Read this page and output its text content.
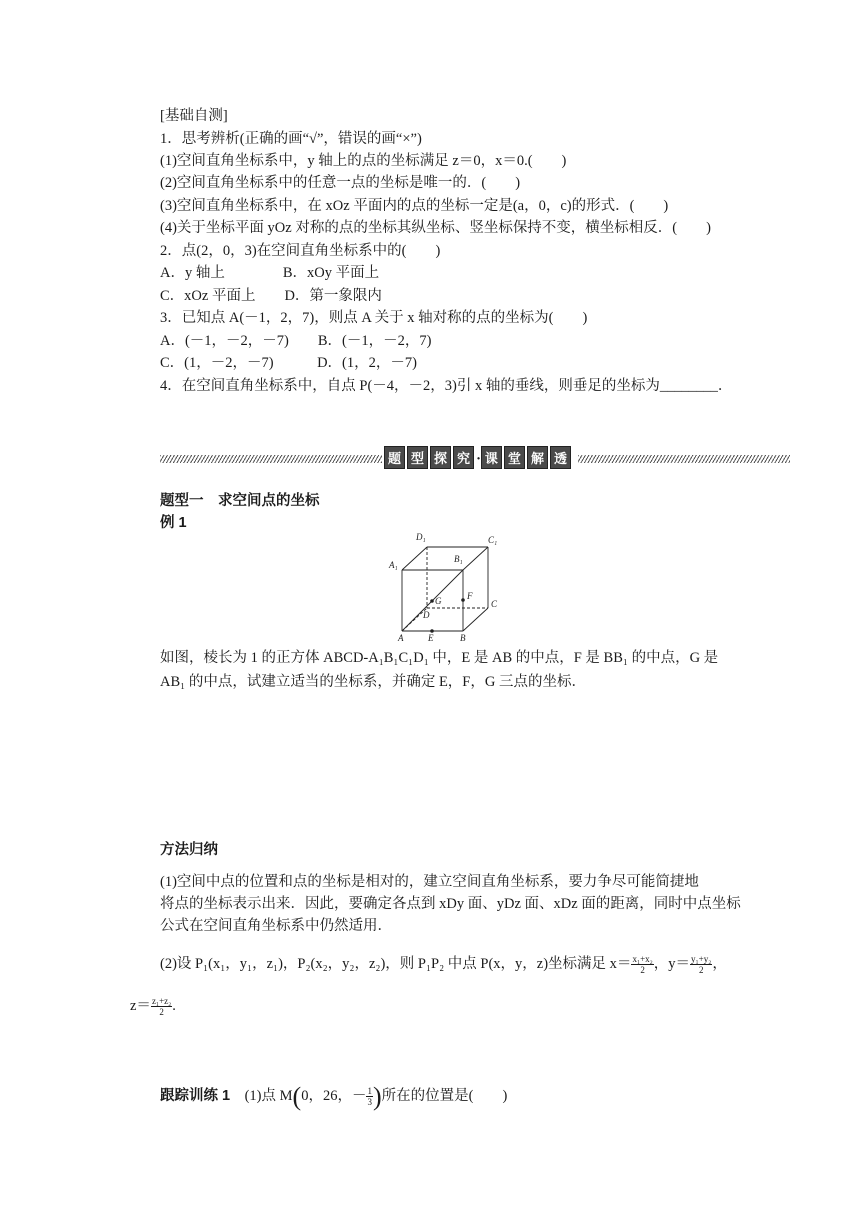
[基础自测]
1．思考辨析(正确的画“√”，错误的画“×”)
(1)空间直角坐标系中，y 轴上的点的坐标满足 z＝0，x＝0.(　　)
(2)空间直角坐标系中的任意一点的坐标是唯一的．(　　)
(3)空间直角坐标系中，在 xOz 平面内的点的坐标一定是(a，0，c)的形式．(　　)
(4)关于坐标平面 yOz 对称的点的坐标其纵坐标、竖坐标保持不变，横坐标相反．(　　)
2．点(2，0，3)在空间直角坐标系中的(　　)
A．y 轴上　　　　B．xOy 平面上
C．xOz 平面上　　D．第一象限内
3．已知点 A(－1，2，7)，则点 A 关于 x 轴对称的点的坐标为(　　)
A．(－1，－2，－7)　　B．(－1，－2，7)
C．(1，－2，－7)　　　D．(1，2，－7)
4．在空间直角坐标系中，自点 P(－4，－2，3)引 x 轴的垂线，则垂足的坐标为________．
题 型 探 究 · 课 堂 解 透
题型一　求空间点的坐标
例 1
D₁	C₁
A₁
B₁
G	F
C
D
A	E	B
如图，棱长为 1 的正方体 ABCD-A₁B₁C₁D₁ 中，E 是 AB 的中点，F 是 BB₁ 的中点，G 是
AB₁ 的中点，试建立适当的坐标系，并确定 E，F，G 三点的坐标．
方法归纳
(1)空间中点的位置和点的坐标是相对的，建立空间直角坐标系，要力争尽可能简捷地
将点的坐标表示出来．因此，要确定各点到 xDy 面、yDz 面、xDz 面的距离，同时中点坐标
公式在空间直角坐标系中仍然适用．
(2)设 P₁(x₁，y₁，z₁)，P₂(x₂，y₂，z₂)，则 P₁P₂ 中点 P(x，y，z)坐标满足 $x= \frac{\text{x₁+x₂}}{2}$ ，$y= \frac{\text{y₁+y₂}}{2}$ ，
$z= \frac{\text{z₁+z₂}}{2}$ .
跟踪训练 1　 (1)点 M(0，26，－ $\frac{1}{3}$ )所在的位置是(　　)
